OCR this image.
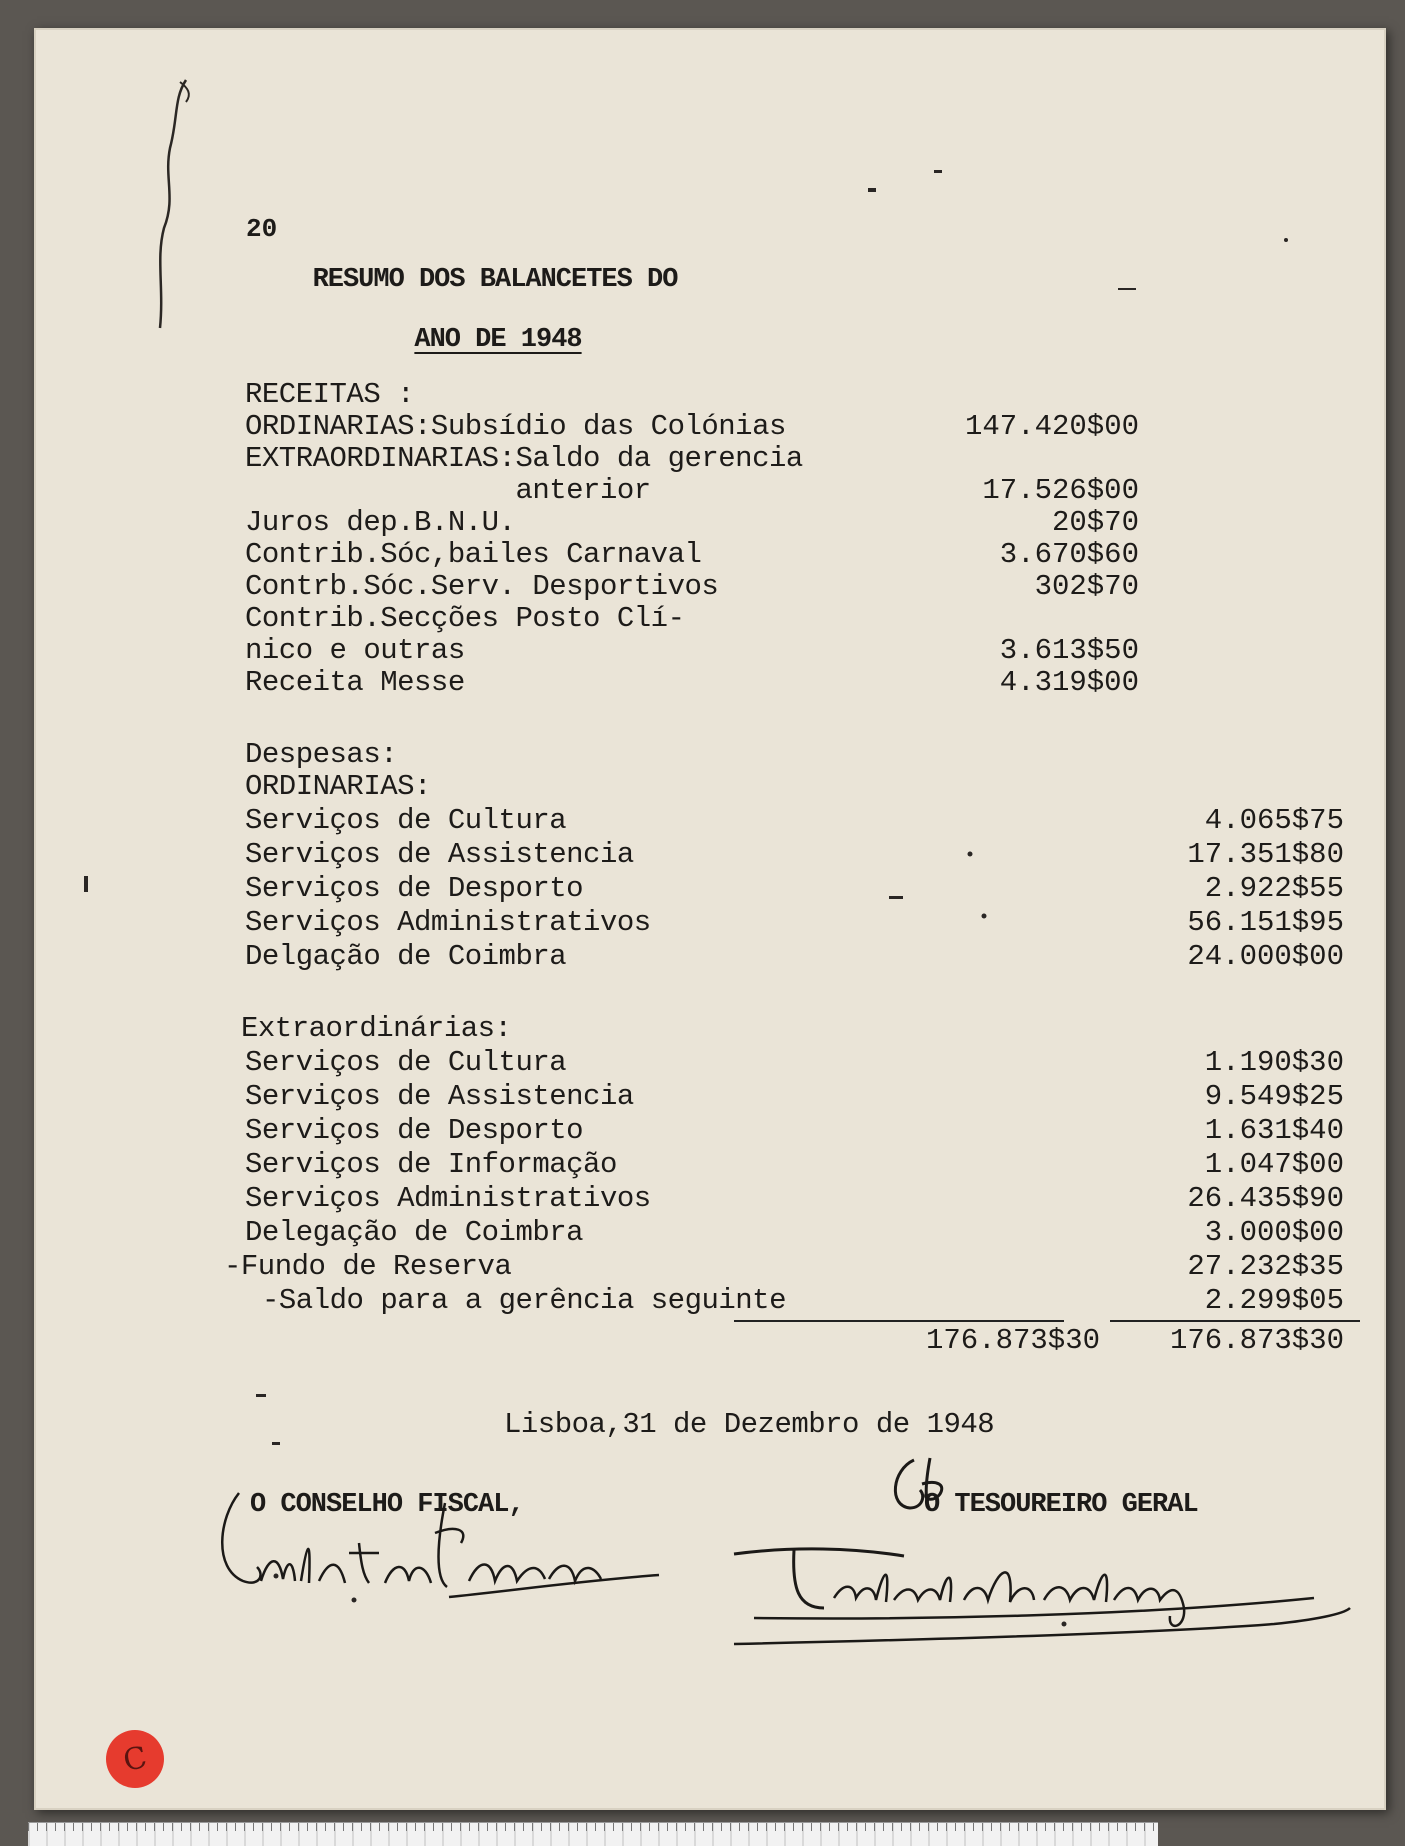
20
RESUMO DOS BALANCETES DO
ANO DE 1948
RECEITAS :
ORDINARIAS:Subsídio das Colónias	147.420$00
EXTRAORDINARIAS:Saldo da gerencia
anterior	17.526$00
Juros dep.B.N.U.	20$70
Contrib.Sóc,bailes Carnaval	3.670$60
Contrb.Sóc.Serv. Desportivos	302$70
Contrib.Secções Posto Clí-
nico e outras	3.613$50
Receita Messe	4.319$00
Despesas:
ORDINARIAS:
Serviços de Cultura	4.065$75
Serviços de Assistencia	17.351$80
Serviços de Desporto	2.922$55
Serviços Administrativos	56.151$95
Delgação de Coimbra	24.000$00
Extraordinárias:
Serviços de Cultura	1.190$30
Serviços de Assistencia	9.549$25
Serviços de Desporto	1.631$40
Serviços de Informação	1.047$00
Serviços Administrativos	26.435$90
Delegação de Coimbra	3.000$00
-Fundo de Reserva	27.232$35
-Saldo para a gerência seguinte	2.299$05
176.873$30	176.873$30
Lisboa,31 de Dezembro de 1948
O CONSELHO FISCAL,	O TESOUREIRO GERAL
C
